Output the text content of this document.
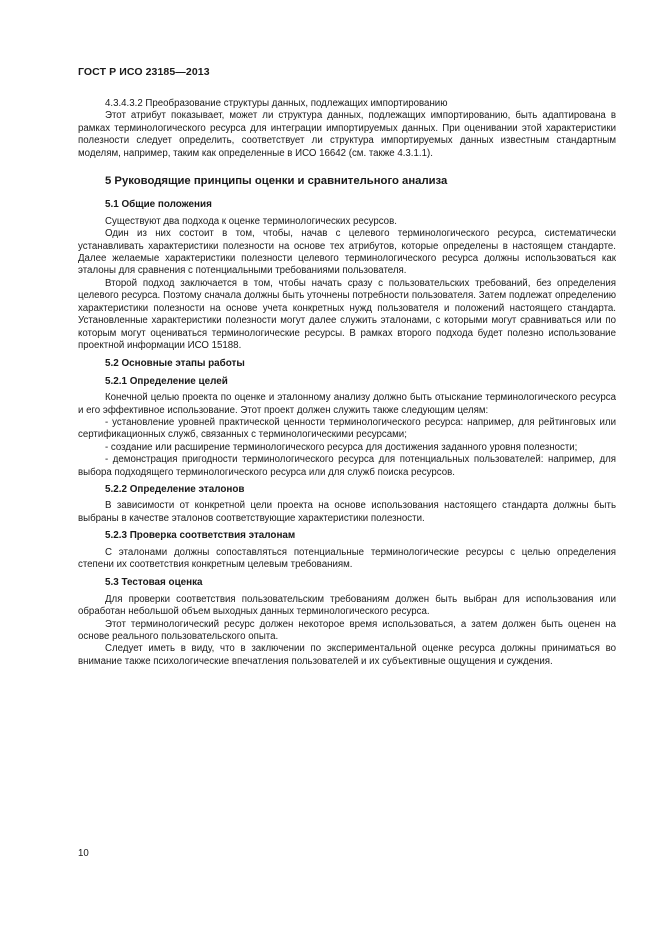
ГОСТ Р ИСО 23185—2013

4.3.4.3.2 Преобразование структуры данных, подлежащих импортированию

Этот атрибут показывает, может ли структура данных, подлежащих импортированию, быть адаптирована в рамках терминологического ресурса для интеграции импортируемых данных. При оценивании этой характеристики полезности следует определить, соответствует ли структура импортируемых данных известным стандартным моделям, например, таким как определенные в ИСО 16642 (см. также 4.3.1.1).

5 Руководящие принципы оценки и сравнительного анализа
5.1 Общие положения

Существуют два подхода к оценке терминологических ресурсов.

Один из них состоит в том, чтобы, начав с целевого терминологического ресурса, систематически устанавливать характеристики полезности на основе тех атрибутов, которые определены в настоящем стандарте. Далее желаемые характеристики полезности целевого терминологического ресурса должны использоваться как эталоны для сравнения с потенциальными требованиями пользователя.

Второй подход заключается в том, чтобы начать сразу с пользовательских требований, без определения целевого ресурса. Поэтому сначала должны быть уточнены потребности пользователя. Затем подлежат определению характеристики полезности на основе учета конкретных нужд пользователя и положений настоящего стандарта. Установленные характеристики полезности могут далее служить эталонами, с которыми могут сравниваться или по которым могут оцениваться терминологические ресурсы. В рамках второго подхода будет полезно использование проектной информации ИСО 15188.

5.2 Основные этапы работы
5.2.1 Определение целей

Конечной целью проекта по оценке и эталонному анализу должно быть отыскание терминологического ресурса и его эффективное использование. Этот проект должен служить также следующим целям:

- установление уровней практической ценности терминологического ресурса: например, для рейтинговых или сертификационных служб, связанных с терминологическими ресурсами;

- создание или расширение терминологического ресурса для достижения заданного уровня полезности;

- демонстрация пригодности терминологического ресурса для потенциальных пользователей: например, для выбора подходящего терминологического ресурса или для служб поиска ресурсов.

5.2.2 Определение эталонов

В зависимости от конкретной цели проекта на основе использования настоящего стандарта должны быть выбраны в качестве эталонов соответствующие характеристики полезности.

5.2.3 Проверка соответствия эталонам

С эталонами должны сопоставляться потенциальные терминологические ресурсы с целью определения степени их соответствия конкретным целевым требованиям.

5.3 Тестовая оценка

Для проверки соответствия пользовательским требованиям должен быть выбран для использования или обработан небольшой объем выходных данных терминологического ресурса.

Этот терминологический ресурс должен некоторое время использоваться, а затем должен быть оценен на основе реального пользовательского опыта.

Следует иметь в виду, что в заключении по экспериментальной оценке ресурса должны приниматься во внимание также психологические впечатления пользователей и их субъективные ощущения и суждения.

10
